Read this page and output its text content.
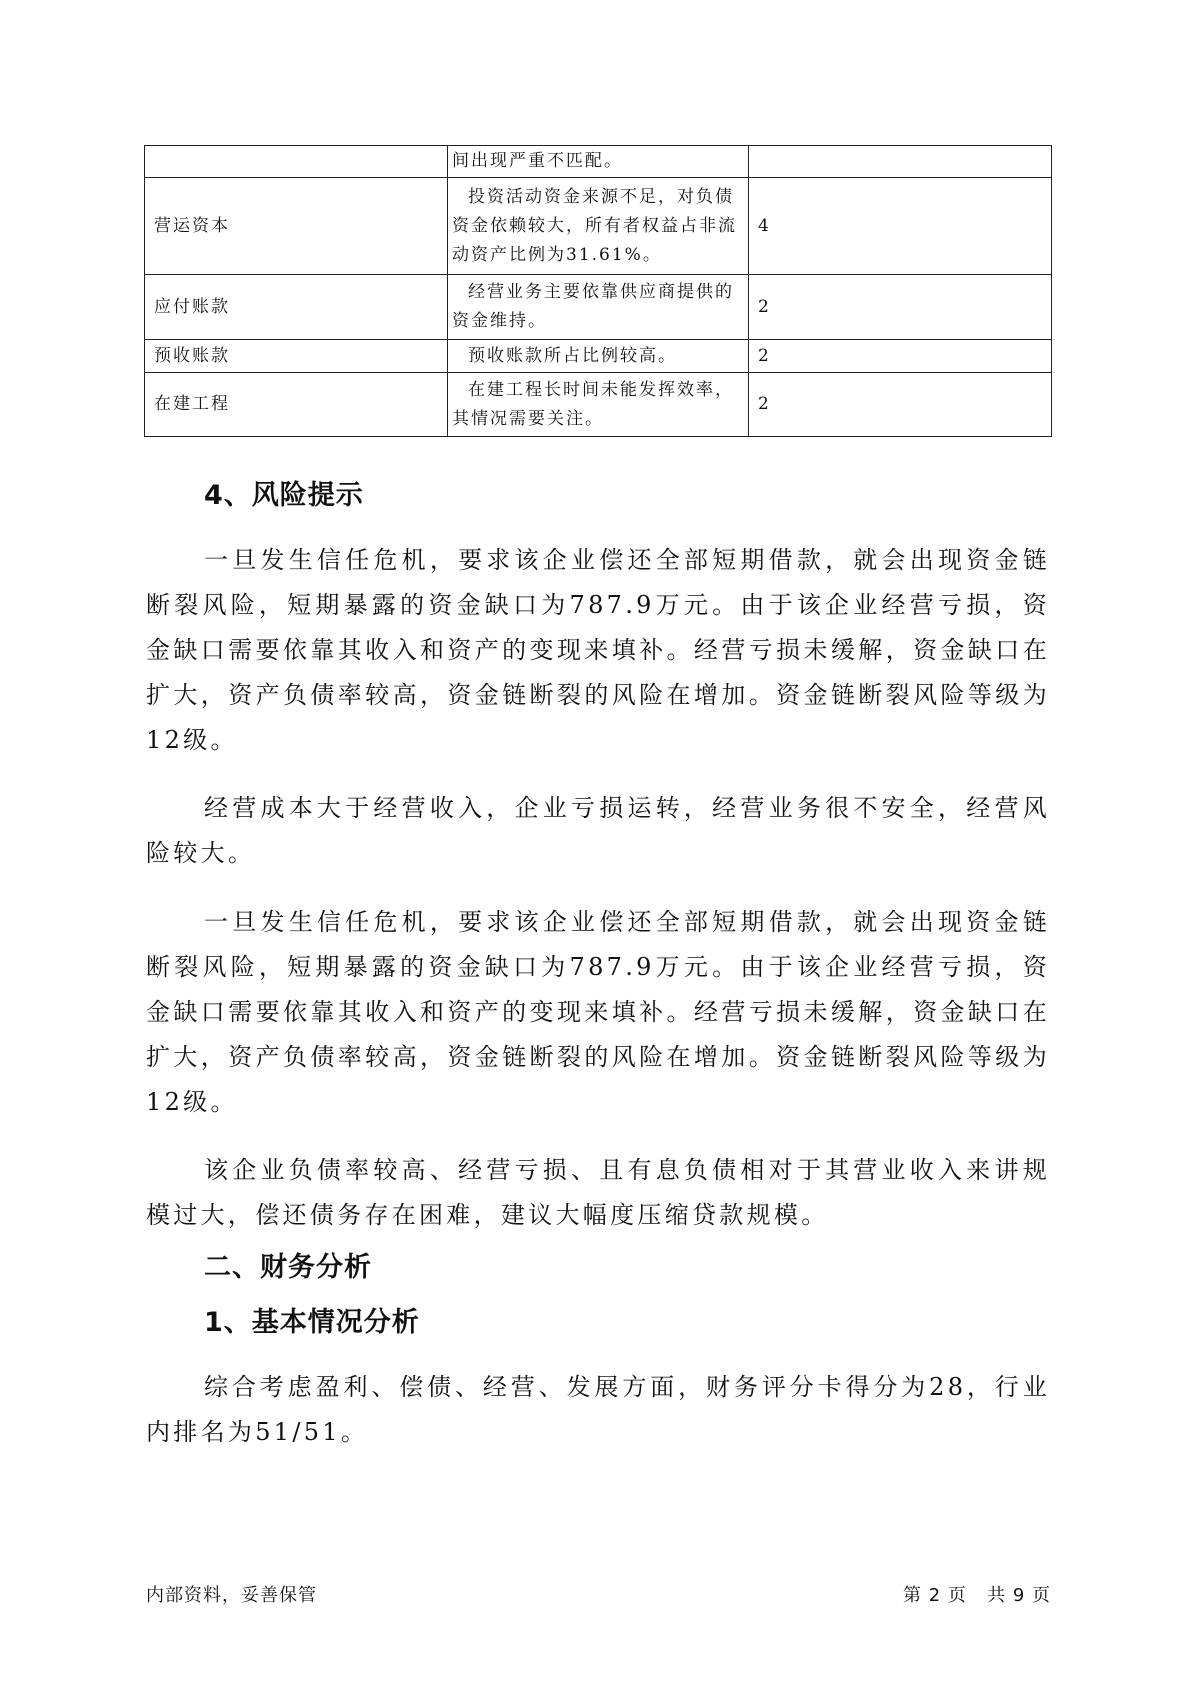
	间出现严重不匹配。	
营运资本	投资活动资金来源不足，对负债资金依赖较大，所有者权益占非流动资产比例为31.61%。	4
应付账款	经营业务主要依靠供应商提供的资金维持。	2
预收账款	预收账款所占比例较高。	2
在建工程	在建工程长时间未能发挥效率，其情况需要关注。	2
4、风险提示

一旦发生信任危机，要求该企业偿还全部短期借款，就会出现资金链断裂风险，短期暴露的资金缺口为787.9万元。由于该企业经营亏损，资金缺口需要依靠其收入和资产的变现来填补。经营亏损未缓解，资金缺口在扩大，资产负债率较高，资金链断裂的风险在增加。资金链断裂风险等级为12级。

经营成本大于经营收入，企业亏损运转，经营业务很不安全，经营风险较大。

一旦发生信任危机，要求该企业偿还全部短期借款，就会出现资金链断裂风险，短期暴露的资金缺口为787.9万元。由于该企业经营亏损，资金缺口需要依靠其收入和资产的变现来填补。经营亏损未缓解，资金缺口在扩大，资产负债率较高，资金链断裂的风险在增加。资金链断裂风险等级为12级。

该企业负债率较高、经营亏损、且有息负债相对于其营业收入来讲规模过大，偿还债务存在困难，建议大幅度压缩贷款规模。

二、财务分析
1、基本情况分析

综合考虑盈利、偿债、经营、发展方面，财务评分卡得分为28，行业内排名为51/51。

内部资料，妥善保管	第 2 页   共 9 页
